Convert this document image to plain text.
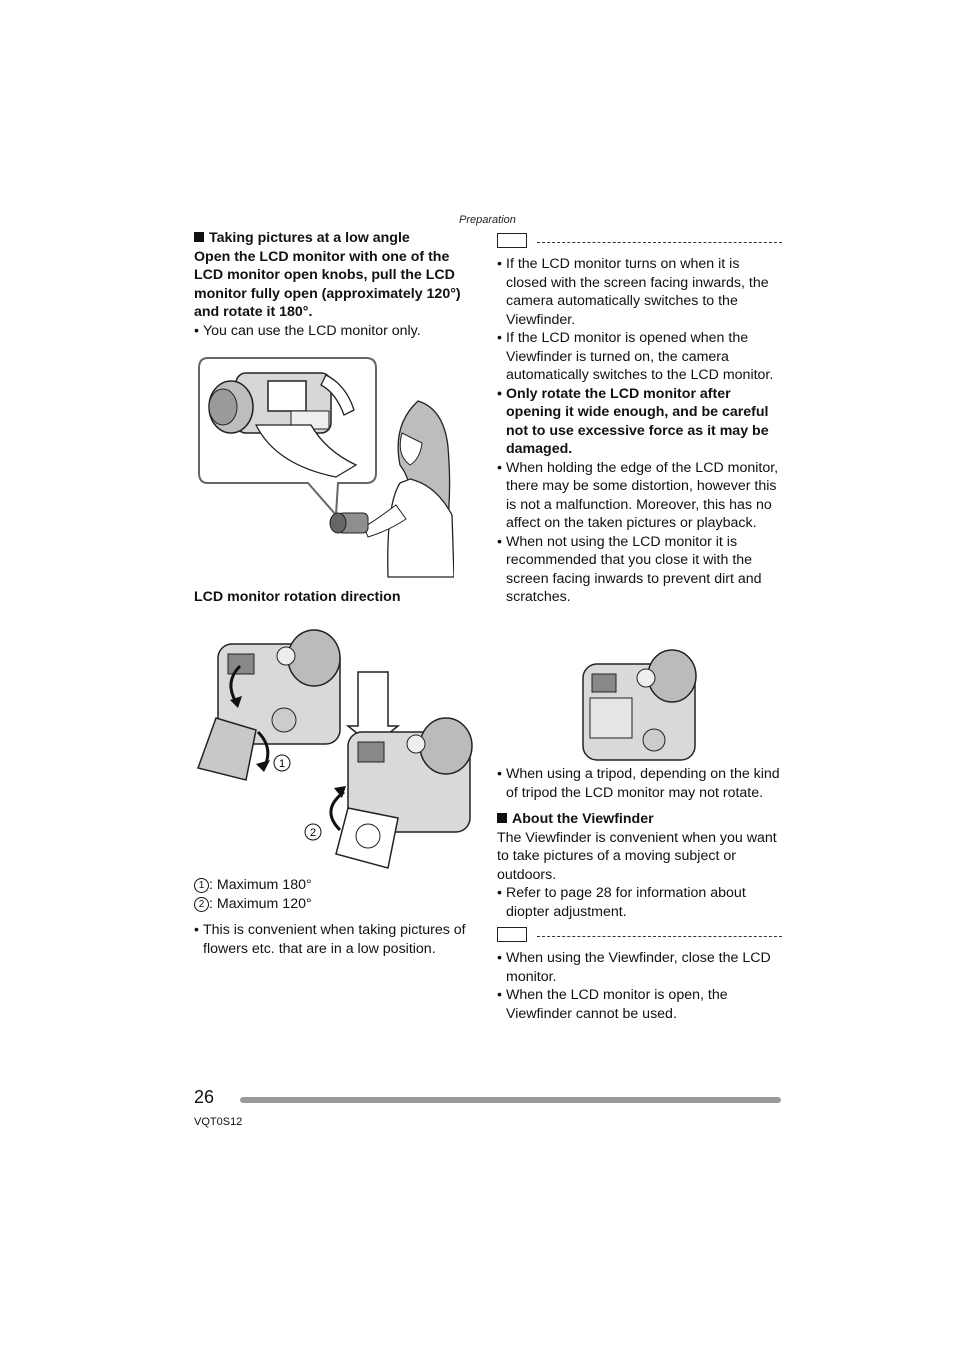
Preparation

Taking pictures at a low angle

Open the LCD monitor with one of the LCD monitor open knobs, pull the LCD monitor fully open (approximately 120°) and rotate it 180°.

• You can use the LCD monitor only.

LCD monitor rotation direction
1
2

1 : Maximum 180°

2 : Maximum 120°

• This is convenient when taking pictures of flowers etc. that are in a low position.

• If the LCD monitor turns on when it is closed with the screen facing inwards, the camera automatically switches to the Viewfinder.

• If the LCD monitor is opened when the Viewfinder is turned on, the camera automatically switches to the LCD monitor.

• Only rotate the LCD monitor after opening it wide enough, and be careful not to use excessive force as it may be damaged.

• When holding the edge of the LCD monitor, there may be some distortion, however this is not a malfunction. Moreover, this has no affect on the taken pictures or playback.

• When not using the LCD monitor it is recommended that you close it with the screen facing inwards to prevent dirt and scratches.

• When using a tripod, depending on the kind of tripod the LCD monitor may not rotate.

About the Viewfinder

The Viewfinder is convenient when you want to take pictures of a moving subject or outdoors.

• Refer to page 28 for information about diopter adjustment.

• When using the Viewfinder, close the LCD monitor.

• When the LCD monitor is open, the Viewfinder cannot be used.

26
VQT0S12
